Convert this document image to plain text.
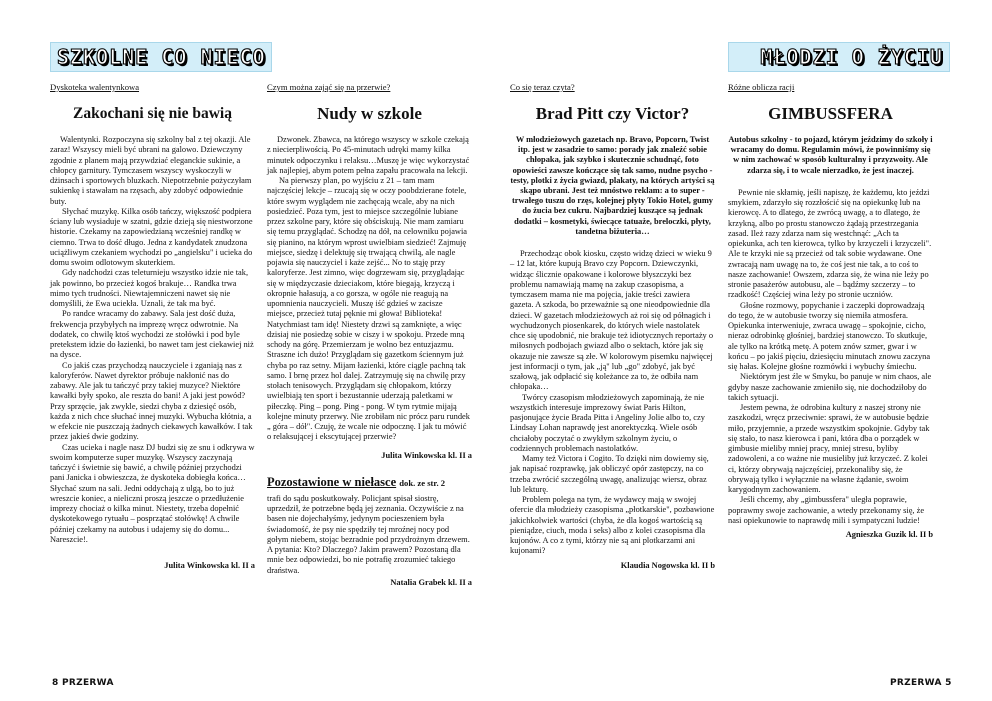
SZKOLNE CO NIECO	MŁODZI O ŻYCIU
Dyskoteka walentynkowa
Zakochani się nie bawią

Walentynki. Rozpoczyna się szkolny bal z tej okazji. Ale zaraz! Wszyscy mieli być ubrani na galowo. Dziewczyny zgodnie z planem mają przywdziać eleganckie sukinie, a chłopcy garnitury. Tymczasem wszyscy wyskoczyli w dżinsach i sportowych bluzkach. Niepotrzebnie pożyczyłam sukienkę i stawałam na rzęsach, aby zdobyć odpowiednie buty.

Słychać muzykę. Kilka osób tańczy, większość podpiera ściany lub wysiaduje w szatni, gdzie dzieją się niestworzone historie. Czekamy na zapowiedzianą wcześniej randkę w ciemno. Trwa to dość długo. Jedna z kandydatek znudzona uciążliwym czekaniem wychodzi po „angielsku" i ucieka do domu swoim odlotowym skuterkiem.

Gdy nadchodzi czas teleturnieju wszystko idzie nie tak, jak powinno, bo przecież kogoś brakuje… Randka trwa mimo tych trudności. Niewtajemniczeni nawet się nie domyślili, że Ewa uciekła. Uznali, że tak ma być.

Po randce wracamy do zabawy. Sala jest dość duża, frekwencja przybyłych na imprezę wręcz odwrotnie. Na dodatek, co chwilę ktoś wychodzi ze stołówki i pod byle pretekstem idzie do łazienki, bo nawet tam jest ciekawiej niż na dysce.

Co jakiś czas przychodzą nauczyciele i zganiają nas z kaloryferów. Nawet dyrektor próbuje nakłonić nas do zabawy. Ale jak tu tańczyć przy takiej muzyce? Niektóre kawałki były spoko, ale reszta do bani! A jaki jest powód? Przy sprzęcie, jak zwykle, siedzi chyba z dziesięć osób, każda z nich chce słuchać innej muzyki. Wybucha kłótnia, a w efekcie nie puszczają żadnych ciekawych kawałków. I tak przez jakieś dwie godziny.

Czas ucieka i nagle nasz DJ budzi się ze snu i odkrywa w swoim komputerze super muzykę. Wszyscy zaczynają tańczyć i świetnie się bawić, a chwilę później przychodzi pani Janicka i obwieszcza, że dyskoteka dobiegła końca… Słychać szum na sali. Jedni oddychają z ulgą, bo to już wreszcie koniec, a nieliczni proszą jeszcze o przedłużenie imprezy chociaż o kilka minut. Niestety, trzeba dopełnić dyskotekowego rytuału – posprzątać stołówkę! A chwile później czekamy na autobus i udajemy się do domu... Nareszcie!.

Julita Winkowska kl. II a
Czym można zająć się na przerwie?
Nudy w szkole

Dzwonek. Zbawca, na którego wszyscy w szkole czekają z niecierpliwością. Po 45-minutach udręki mamy kilka minutek odpoczynku i relaksu…Muszę je więc wykorzystać jak najlepiej, abym potem pełna zapału pracowała na lekcji.

Na pierwszy plan, po wyjściu z 21 – tam mam najczęściej lekcje – rzucają się w oczy poobdzierane fotele, które swym wyglądem nie zachęcają wcale, aby na nich posiedzieć. Poza tym, jest to miejsce szczególnie lubiane przez szkolne pary, które się obściskują. Nie mam zamiaru się temu przyglądać. Schodzę na dół, na celowniku pojawia się pianino, na którym wprost uwielbiam siedzieć! Zajmuję miejsce, siedzę i delektuję się trwającą chwilą, ale nagle pojawia się nauczyciel i każe zejść... No to stąję przy kaloryferze. Jest zimno, więc dogrzewam się, przyglądając się w międzyczasie dzieciakom, które biegają, krzyczą i okropnie hałasują, a co gorsza, w ogóle nie reagują na upomnienia nauczycieli. Muszę iść gdzieś w zacisze miejsce, przecież tutaj pęknie mi głowa! Biblioteka! Natychmiast tam idę! Niestety drzwi są zamknięte, a więc dzisiaj nie posiedzę sobie w ciszy i w spokoju. Przede mną schody na górę. Przemierzam je wolno bez entuzjazmu. Straszne ich dużo! Przyglądam się gazetkom ściennym już chyba po raz setny. Mijam łazienki, które ciągle pachną tak samo. I brnę przez hol dalej. Zatrzymuję się na chwilę przy stołach tenisowych. Przyglądam się chłopakom, którzy uwielbiają ten sport i bezustannie uderzają paletkami w piłeczkę. Ping – pong. Ping - pong. W tym rytmie mijają kolejne minuty przerwy. Nie zrobiłam nic prócz paru rundek „ góra – dół". Czuję, że wcale nie odpocznę. I jak tu mówić o relaksującej i ekscytującej przerwie?

Julita Winkowska kl. II a
Pozostawione w niełasce dok. ze str. 2

trafi do sądu poskutkowały. Policjant spisał siostrę, uprzedził, że potrzebne będą jej zeznania. Oczywiście z na basen nie dojechałyśmy, jedynym pocieszeniem była świadomość, że psy nie spędziły tej mroźnej nocy pod gołym niebem, stojąc bezradnie pod przydrożnym drzewem. A pytania: Kto? Dlaczego? Jakim prawem? Pozostaną dla mnie bez odpowiedzi, bo nie potrafię zrozumieć takiego draństwa.

Natalia Grabek kl. II a
Co się teraz czyta?
Brad Pitt czy Victor?
W młodzieżowych gazetach np. Bravo, Popcorn, Twist itp. jest w zasadzie to samo: porady jak znaleźć sobie chłopaka, jak szybko i skutecznie schudnąć, foto opowieści zawsze kończące się tak samo, nudne psycho - testy, plotki z życia gwiazd, plakaty, na których artyści są skąpo ubrani. Jest też mnóstwo reklam: a to super - trwałego tuszu do rzęs, kolejnej płyty Tokio Hotel, gumy do żucia bez cukru. Najbardziej kuszące są jednak dodatki – kosmetyki, świecące tatuaże, breloczki, płyty, tandetna biżuteria…

Przechodząc obok kiosku, często widzę dzieci w wieku 9 – 12 lat, które kupują Bravo czy Popcorn. Dziewczynki, widząc ślicznie opakowane i kolorowe błyszczyki bez problemu namawiają mamę na zakup czasopisma, a tymczasem mama nie ma pojęcia, jakie treści zawiera gazeta. A szkoda, bo przeważnie są one nieodpowiednie dla dzieci. W gazetach młodzieżowych aż roi się od półnagich i wychudzonych piosenkarek, do których wiele nastolatek chce się upodobnić, nie brakuje też idiotycznych reportaży o miłosnych podbojach gwiazd albo o sektach, które jak się okazuje nie zawsze są złe. W kolorowym pisemku najwięcej jest informacji o tym, jak „ją" lub „go" zdobyć, jak być szałową, jak odpłacić się koleżance za to, że odbiła nam chłopaka…

Twórcy czasopism młodzieżowych zapominają, że nie wszystkich interesuje imprezowy świat Paris Hilton, pasjonujące życie Brada Pitta i Angeliny Jolie albo to, czy Lindsay Lohan naprawdę jest anorektyczką. Wiele osób chciałoby poczytać o zwykłym szkolnym życiu, o codziennych problemach nastolatków.

Mamy też Victora i Cogito. To dzięki nim dowiemy się, jak napisać rozprawkę, jak obliczyć opór zastępczy, na co trzeba zwrócić szczególną uwagę, analizując wiersz, obraz lub lekturę.

Problem polega na tym, że wydawcy mają w swojej ofercie dla młodzieży czasopisma „płotkarskie", pozbawione jakichkolwiek wartości (chyba, że dla kogoś wartością są pieniądze, ciuch, moda i seks) albo z kolei czasopisma dla kujonów. A co z tymi, którzy nie są ani plotkarzami ani kujonami?

Klaudia Nogowska kl. II b
Różne oblicza racji
GIMBUSSFERA
Autobus szkolny - to pojazd, którym jeździmy do szkoły i wracamy do domu. Regulamin mówi, że powinniśmy się w nim zachować w sposób kulturalny i przyzwoity. Ale zdarza się, i to wcale nierzadko, że jest inaczej.

Pewnie nie skłamię, jeśli napiszę, że każdemu, kto jeździ smykiem, zdarzyło się rozzłościć się na opiekunkę lub na kierowcę. A to dlatego, że zwrócą uwagę, a to dlatego, że krzykną, albo po prostu stanowczo żądają przestrzegania zasad. Ileż razy zdarza nam się westchnąć: „Ach ta opiekunka, ach ten kierowca, tylko by krzyczeli i krzyczeli". Ale te krzyki nie są przecież od tak sobie wydawane. One zwracają nam uwagę na to, że coś jest nie tak, a to coś to nasze zachowanie! Owszem, zdarza się, że wina nie leży po stronie pasażerów autobusu, ale – bądźmy szczerzy – to rzadkość! Częściej wina leży po stronie uczniów.

Głośne rozmowy, popychanie i zaczepki doprowadzają do tego, że w autobusie tworzy się niemiła atmosfera. Opiekunka interweniuje, zwraca uwagę – spokojnie, cicho, nieraz odrobinkę głośniej, bardziej stanowczo. To skutkuje, ale tylko na krótką metę. A potem znów szmer, gwar i w końcu – po jakiś pięciu, dziesięciu minutach znowu zaczyna się hałas. Kolejne głośne rozmówki i wybuchy śmiechu.

Niektórym jest źle w Smyku, bo panuje w nim chaos, ale gdyby nasze zachowanie zmieniło się, nie dochodziłoby do takich sytuacji.

Jestem pewna, że odrobina kultury z naszej strony nie zaszkodzi, wręcz przeciwnie: sprawi, że w autobusie będzie miło, przyjemnie, a przede wszystkim spokojnie. Gdyby tak się stało, to nasz kierowca i pani, która dba o porządek w gimbusie mieliby mniej pracy, mniej stresu, byliby zadowoleni, a co ważne nie musieliby już krzyczeć. Z kolei ci, którzy obrywają najczęściej, przekonaliby się, że obrywają tylko i wyłącznie na własne żądanie, swoim karygodnym zachowaniem.

Jeśli chcemy, aby „gimbussfera" uległa poprawie, poprawmy swoje zachowanie, a wtedy przekonamy się, że nasi opiekunowie to naprawdę mili i sympatyczni ludzie!

Agnieszka Guzik kl. II b
8 PRZERWA	PRZERWA 5
